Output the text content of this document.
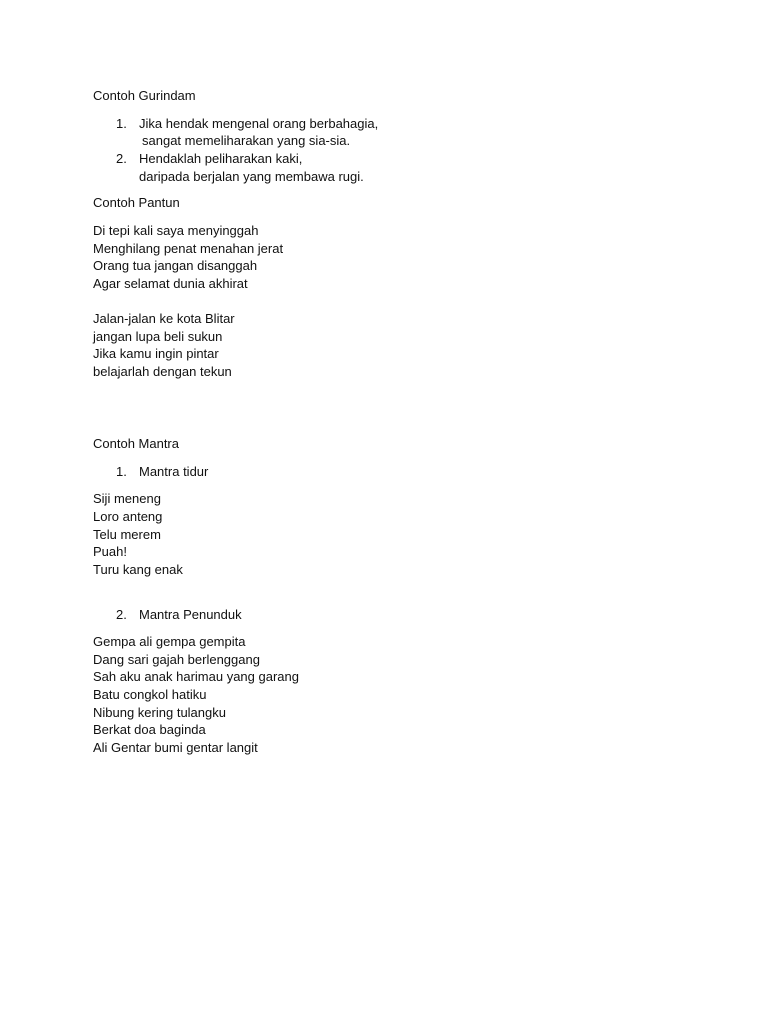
Contoh Gurindam
1. Jika hendak mengenal orang berbahagia,
sangat memeliharakan yang sia-sia.
2. Hendaklah peliharakan kaki,
daripada berjalan yang membawa rugi.
Contoh Pantun
Di tepi kali saya menyinggah
Menghilang penat menahan jerat
Orang tua jangan disanggah
Agar selamat dunia akhirat
Jalan-jalan ke kota Blitar
jangan lupa beli sukun
Jika kamu ingin pintar
belajarlah dengan tekun
Contoh Mantra
1. Mantra tidur
Siji meneng
Loro anteng
Telu merem
Puah!
Turu kang enak
2. Mantra Penunduk
Gempa ali gempa gempita
Dang sari gajah berlenggang
Sah aku anak harimau yang garang
Batu congkol hatiku
Nibung kering tulangku
Berkat doa baginda
Ali Gentar bumi gentar langit
